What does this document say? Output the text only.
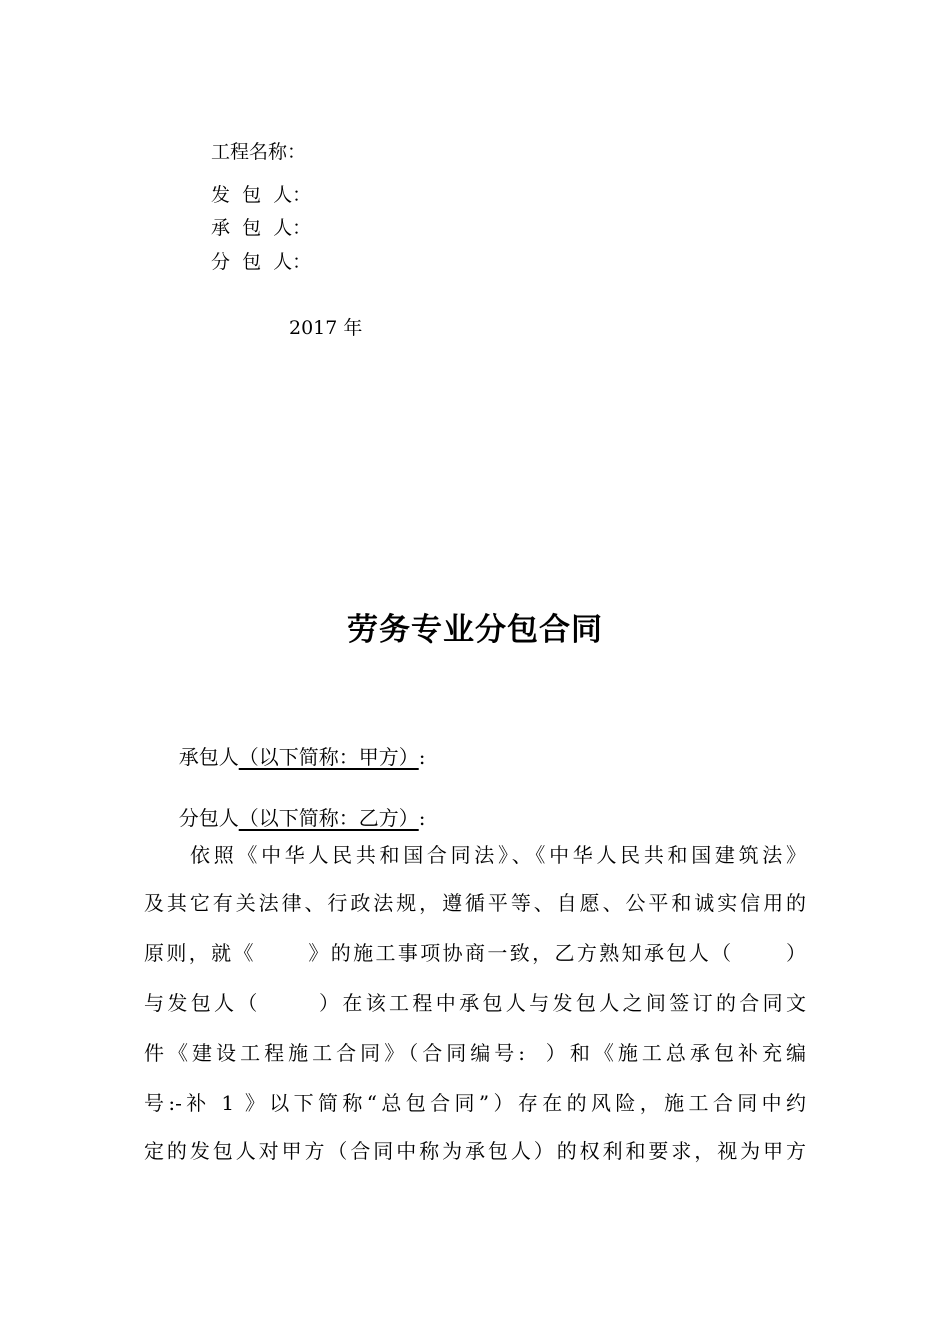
工程名称：
发  包  人：
承  包  人：
分  包  人：
2017 年
劳务专业分包合同

承包人（以下简称：甲方）:

分包人（以下简称：乙方）:

依照《中华人民共和国合同法》、《中华人民共和国建筑法》
及其它有关法律、行政法规，遵循平等、自愿、公平和诚实信用的
原则，就《      》的施工事项协商一致，乙方熟知承包人（      ）
与发包人（      ）在该工程中承包人与发包人之间签订的合同文
件《建设工程施工合同》（合同编号:  ）和《施工总承包补充编
号:-补 1 》以下简称“总包合同”）存在的风险，施工合同中约
定的发包人对甲方（合同中称为承包人）的权利和要求，视为甲方
